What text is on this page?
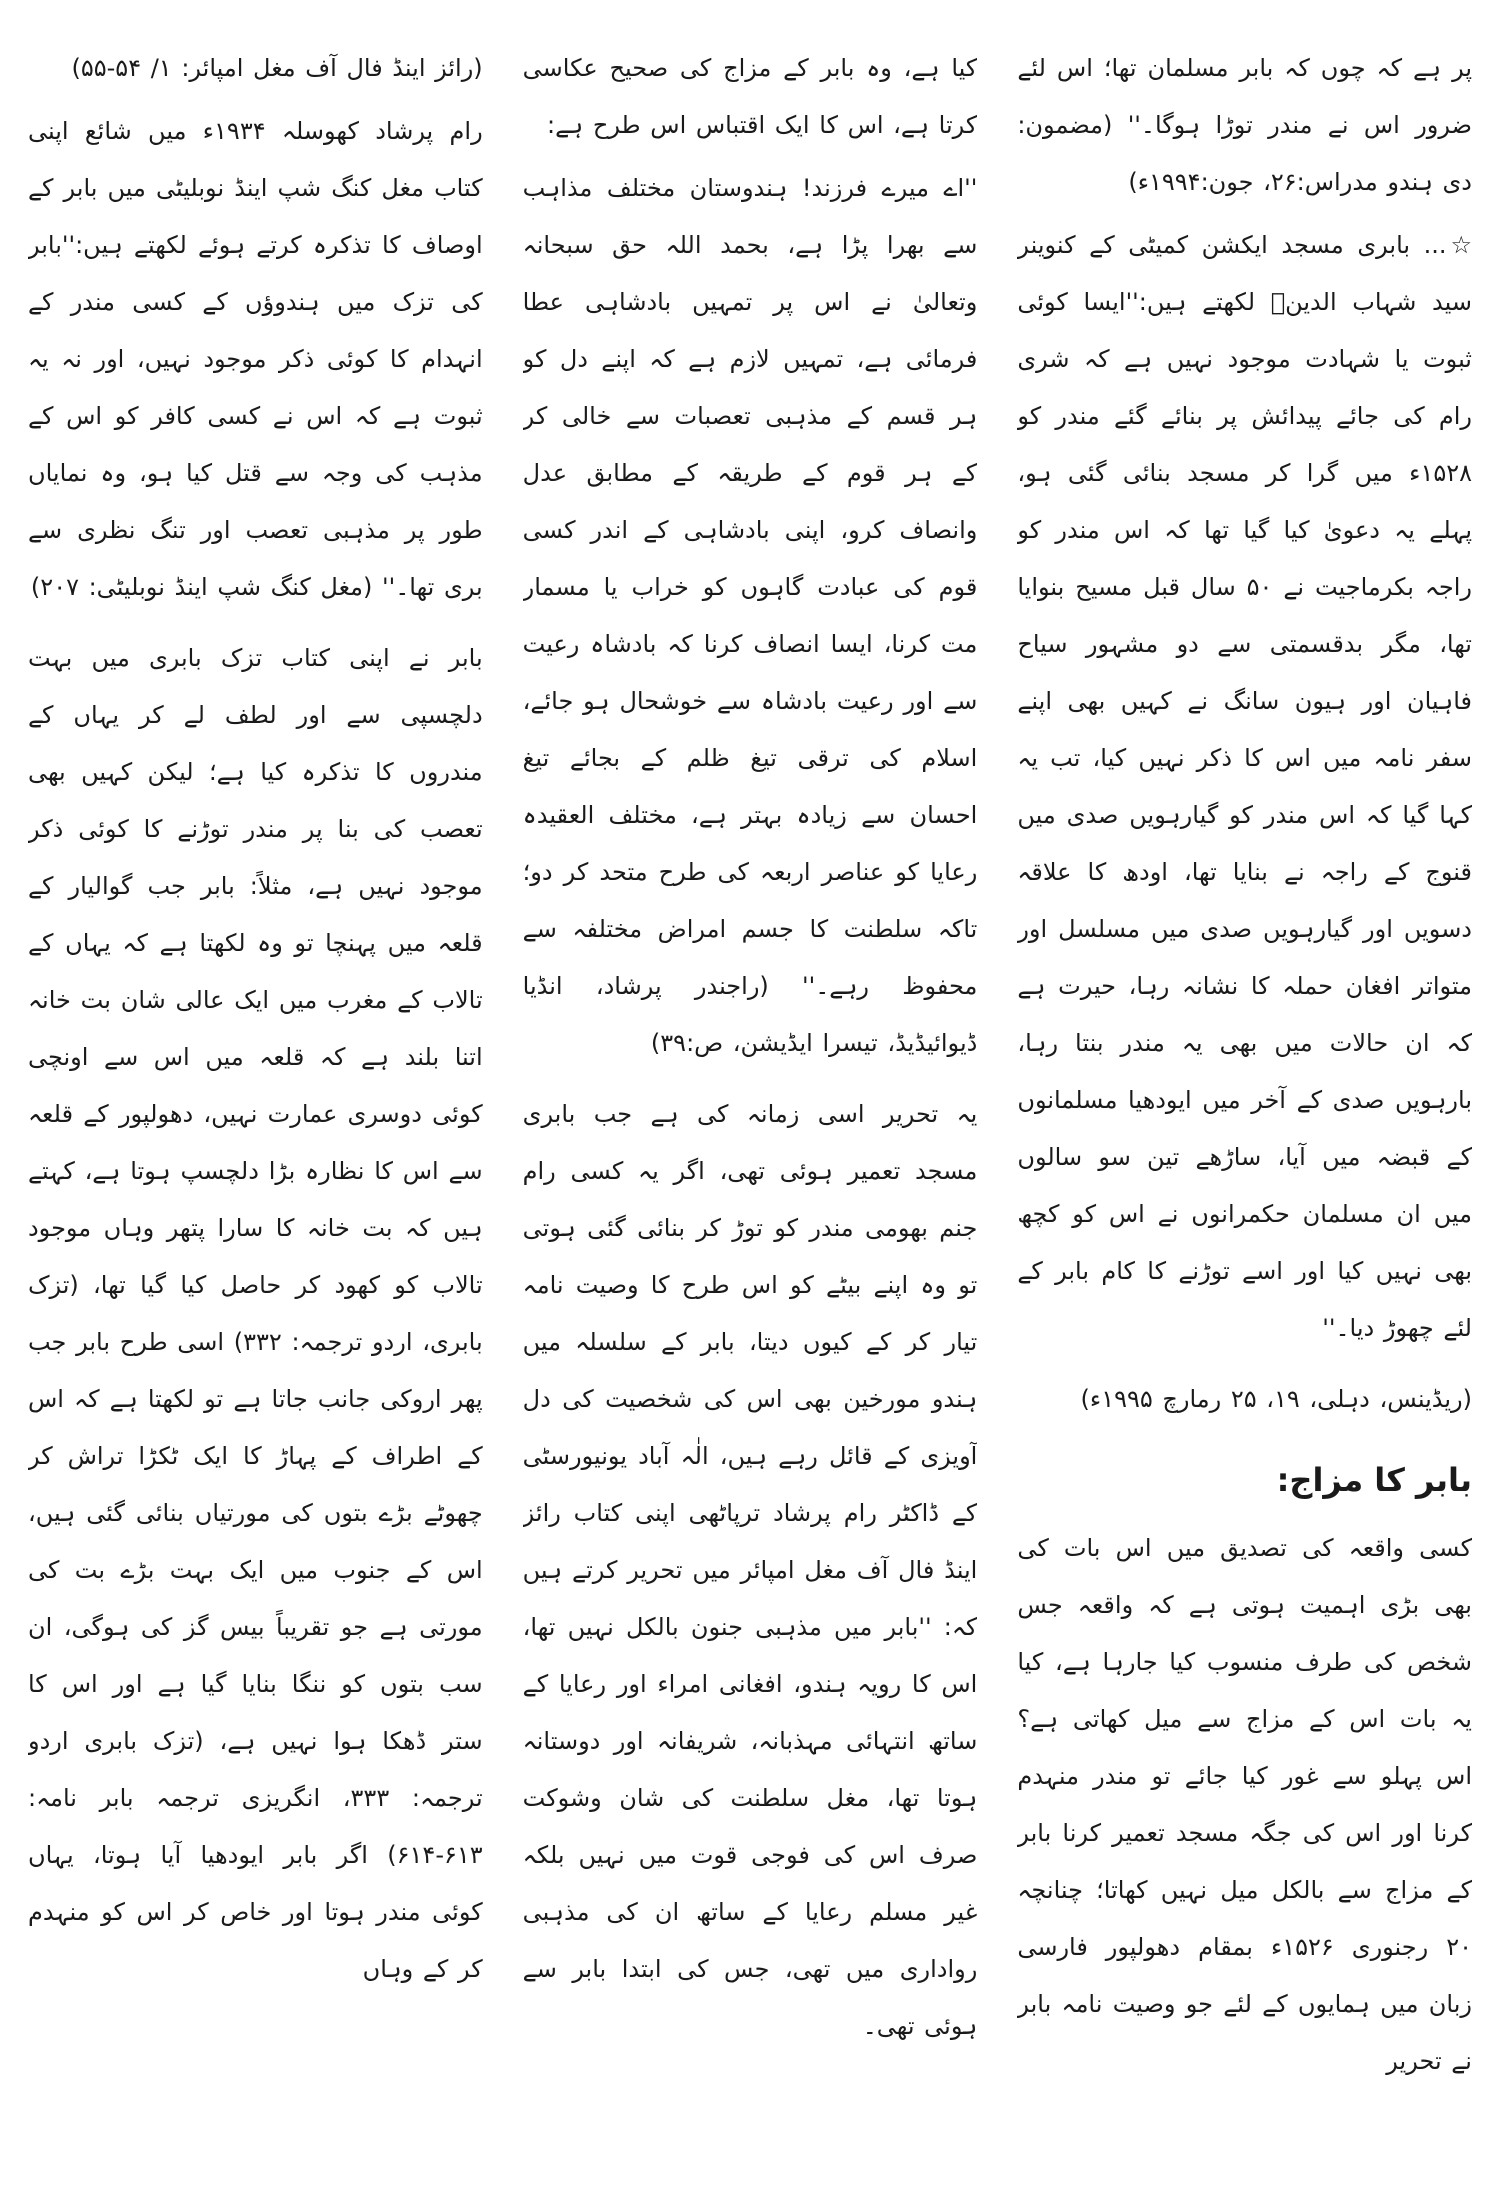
پر ہے کہ چوں کہ بابر مسلمان تھا؛ اس لئے ضرور اس نے مندر توڑا ہوگا۔'' (مضمون: دی ہندو مدراس:۲۶، جون:۱۹۹۴ء)

☆... بابری مسجد ایکشن کمیٹی کے کنوینر سید شہاب الدینؒ لکھتے ہیں:''ایسا کوئی ثبوت یا شہادت موجود نہیں ہے کہ شری رام کی جائے پیدائش پر بنائے گئے مندر کو ۱۵۲۸ء میں گرا کر مسجد بنائی گئی ہو، پہلے یہ دعویٰ کیا گیا تھا کہ اس مندر کو راجہ بکرماجیت نے ۵۰ سال قبل مسیح بنوایا تھا، مگر بدقسمتی سے دو مشہور سیاح فاہیان اور ہیون سانگ نے کہیں بھی اپنے سفر نامہ میں اس کا ذکر نہیں کیا، تب یہ کہا گیا کہ اس مندر کو گیارہویں صدی میں قنوج کے راجہ نے بنایا تھا، اودھ کا علاقہ دسویں اور گیارہویں صدی میں مسلسل اور متواتر افغان حملہ کا نشانہ رہا، حیرت ہے کہ ان حالات میں بھی یہ مندر بنتا رہا، بارہویں صدی کے آخر میں ایودھیا مسلمانوں کے قبضہ میں آیا، ساڑھے تین سو سالوں میں ان مسلمان حکمرانوں نے اس کو کچھ بھی نہیں کیا اور اسے توڑنے کا کام بابر کے لئے چھوڑ دیا۔''

(ریڈینس، دہلی، ۱۹، ۲۵ رمارچ ۱۹۹۵ء)

بابر کا مزاج:

کسی واقعہ کی تصدیق میں اس بات کی بھی بڑی اہمیت ہوتی ہے کہ واقعہ جس شخص کی طرف منسوب کیا جارہا ہے، کیا یہ بات اس کے مزاج سے میل کھاتی ہے؟ اس پہلو سے غور کیا جائے تو مندر منہدم کرنا اور اس کی جگہ مسجد تعمیر کرنا بابر کے مزاج سے بالکل میل نہیں کھاتا؛ چنانچہ ۲۰ رجنوری ۱۵۲۶ء بمقام دھولپور فارسی زبان میں ہمایوں کے لئے جو وصیت نامہ بابر نے تحریر

کیا ہے، وہ بابر کے مزاج کی صحیح عکاسی کرتا ہے، اس کا ایک اقتباس اس طرح ہے:

''اے میرے فرزند! ہندوستان مختلف مذاہب سے بھرا پڑا ہے، بحمد اللہ حق سبحانہ وتعالیٰ نے اس پر تمہیں بادشاہی عطا فرمائی ہے، تمہیں لازم ہے کہ اپنے دل کو ہر قسم کے مذہبی تعصبات سے خالی کر کے ہر قوم کے طریقہ کے مطابق عدل وانصاف کرو، اپنی بادشاہی کے اندر کسی قوم کی عبادت گاہوں کو خراب یا مسمار مت کرنا، ایسا انصاف کرنا کہ بادشاہ رعیت سے اور رعیت بادشاہ سے خوشحال ہو جائے، اسلام کی ترقی تیغ ظلم کے بجائے تیغ احسان سے زیادہ بہتر ہے، مختلف العقیدہ رعایا کو عناصر اربعہ کی طرح متحد کر دو؛ تاکہ سلطنت کا جسم امراض مختلفہ سے محفوظ رہے۔'' (راجندر پرشاد، انڈیا ڈیوائیڈیڈ، تیسرا ایڈیشن، ص:۳۹)

یہ تحریر اسی زمانہ کی ہے جب بابری مسجد تعمیر ہوئی تھی، اگر یہ کسی رام جنم بھومی مندر کو توڑ کر بنائی گئی ہوتی تو وہ اپنے بیٹے کو اس طرح کا وصیت نامہ تیار کر کے کیوں دیتا، بابر کے سلسلہ میں ہندو مورخین بھی اس کی شخصیت کی دل آویزی کے قائل رہے ہیں، الٰہ آباد یونیورسٹی کے ڈاکٹر رام پرشاد ترپاٹھی اپنی کتاب رائز اینڈ فال آف مغل امپائر میں تحریر کرتے ہیں کہ: ''بابر میں مذہبی جنون بالکل نہیں تھا، اس کا رویہ ہندو، افغانی امراء اور رعایا کے ساتھ انتہائی مہذبانہ، شریفانہ اور دوستانہ ہوتا تھا، مغل سلطنت کی شان وشوکت صرف اس کی فوجی قوت میں نہیں بلکہ غیر مسلم رعایا کے ساتھ ان کی مذہبی رواداری میں تھی، جس کی ابتدا بابر سے ہوئی تھی۔

(رائز اینڈ فال آف مغل امپائر: ۱/ ۵۴-۵۵)

رام پرشاد کھوسلہ ۱۹۳۴ء میں شائع اپنی کتاب مغل کنگ شپ اینڈ نوبلیٹی میں بابر کے اوصاف کا تذکرہ کرتے ہوئے لکھتے ہیں:''بابر کی تزک میں ہندوؤں کے کسی مندر کے انہدام کا کوئی ذکر موجود نہیں، اور نہ یہ ثبوت ہے کہ اس نے کسی کافر کو اس کے مذہب کی وجہ سے قتل کیا ہو، وہ نمایاں طور پر مذہبی تعصب اور تنگ نظری سے بری تھا۔'' (مغل کنگ شپ اینڈ نوبلیٹی: ۲۰۷)

بابر نے اپنی کتاب تزک بابری میں بہت دلچسپی سے اور لطف لے کر یہاں کے مندروں کا تذکرہ کیا ہے؛ لیکن کہیں بھی تعصب کی بنا پر مندر توڑنے کا کوئی ذکر موجود نہیں ہے، مثلاً: بابر جب گوالیار کے قلعہ میں پہنچا تو وہ لکھتا ہے کہ یہاں کے تالاب کے مغرب میں ایک عالی شان بت خانہ اتنا بلند ہے کہ قلعہ میں اس سے اونچی کوئی دوسری عمارت نہیں، دھولپور کے قلعہ سے اس کا نظارہ بڑا دلچسپ ہوتا ہے، کہتے ہیں کہ بت خانہ کا سارا پتھر وہاں موجود تالاب کو کھود کر حاصل کیا گیا تھا، (تزک بابری، اردو ترجمہ: ۳۳۲) اسی طرح بابر جب پھر اروکی جانب جاتا ہے تو لکھتا ہے کہ اس کے اطراف کے پہاڑ کا ایک ٹکڑا تراش کر چھوٹے بڑے بتوں کی مورتیاں بنائی گئی ہیں، اس کے جنوب میں ایک بہت بڑے بت کی مورتی ہے جو تقریباً بیس گز کی ہوگی، ان سب بتوں کو ننگا بنایا گیا ہے اور اس کا ستر ڈھکا ہوا نہیں ہے، (تزک بابری اردو ترجمہ: ۳۳۳، انگریزی ترجمہ بابر نامہ: ۶۱۳-۶۱۴) اگر بابر ایودھیا آیا ہوتا، یہاں کوئی مندر ہوتا اور خاص کر اس کو منہدم کر کے وہاں
